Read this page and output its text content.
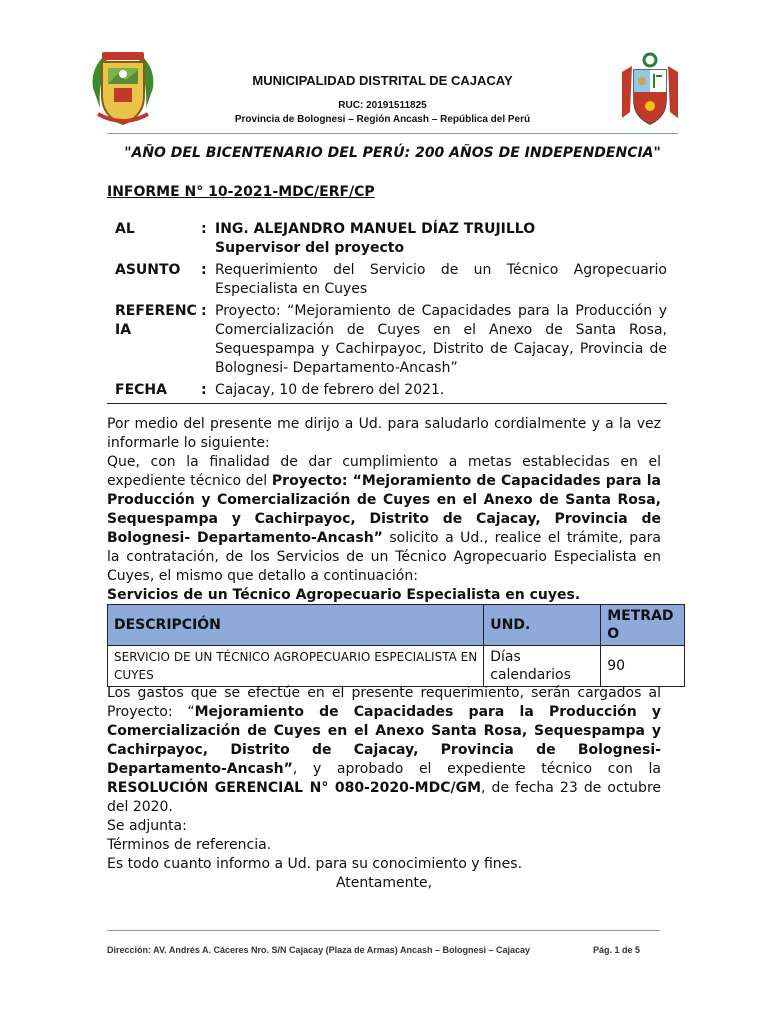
MUNICIPALIDAD DISTRITAL DE CAJACAY
RUC: 20191511825
Provincia de Bolognesi – Región Ancash – República del Perú
"AÑO DEL BICENTENARIO DEL PERÚ: 200 AÑOS DE INDEPENDENCIA"
INFORME N° 10-2021-MDC/ERF/CP
AL	:	ING. ALEJANDRO MANUEL DÍAZ TRUJILLO
Supervisor del proyecto

ASUNTO	:	Requerimiento del Servicio de un Técnico Agropecuario Especialista en Cuyes
REFERENC IA	:	Proyecto: “Mejoramiento de Capacidades para la Producción y Comercialización de Cuyes en el Anexo de Santa Rosa, Sequespampa y Cachirpayoc, Distrito de Cajacay, Provincia de Bolognesi- Departamento-Ancash”
FECHA	:	Cajacay, 10 de febrero del 2021.
Por medio del presente me dirijo a Ud. para saludarlo cordialmente y a la vez informarle lo siguiente:
Que, con la finalidad de dar cumplimiento a metas establecidas en el expediente técnico del Proyecto: “Mejoramiento de Capacidades para la Producción y Comercialización de Cuyes en el Anexo de Santa Rosa, Sequespampa y Cachirpayoc, Distrito de Cajacay, Provincia de Bolognesi- Departamento-Ancash” solicito a Ud., realice el trámite, para la contratación, de los Servicios de un Técnico Agropecuario Especialista en Cuyes, el mismo que detallo a continuación:
Servicios de un Técnico Agropecuario Especialista en cuyes.
DESCRIPCIÓN	UND.	METRADO
SERVICIO DE UN TÉCNICO AGROPECUARIO ESPECIALISTA EN CUYES	Días calendarios	90
Los gastos que se efectúe en el presente requerimiento, serán cargados al Proyecto: “Mejoramiento de Capacidades para la Producción y Comercialización de Cuyes en el Anexo Santa Rosa, Sequespampa y Cachirpayoc, Distrito de Cajacay, Provincia de Bolognesi-Departamento-Ancash”, y aprobado el expediente técnico con la RESOLUCIÓN GERENCIAL N° 080-2020-MDC/GM, de fecha 23 de octubre del 2020.
Se adjunta:
Términos de referencia.
Es todo cuanto informo a Ud. para su conocimiento y fines.
Atentamente,
Dirección: AV. Andrés A. Cáceres Nro. S/N Cajacay (Plaza de Armas) Ancash – Bolognesi – Cajacay	Pág. 1 de 5
